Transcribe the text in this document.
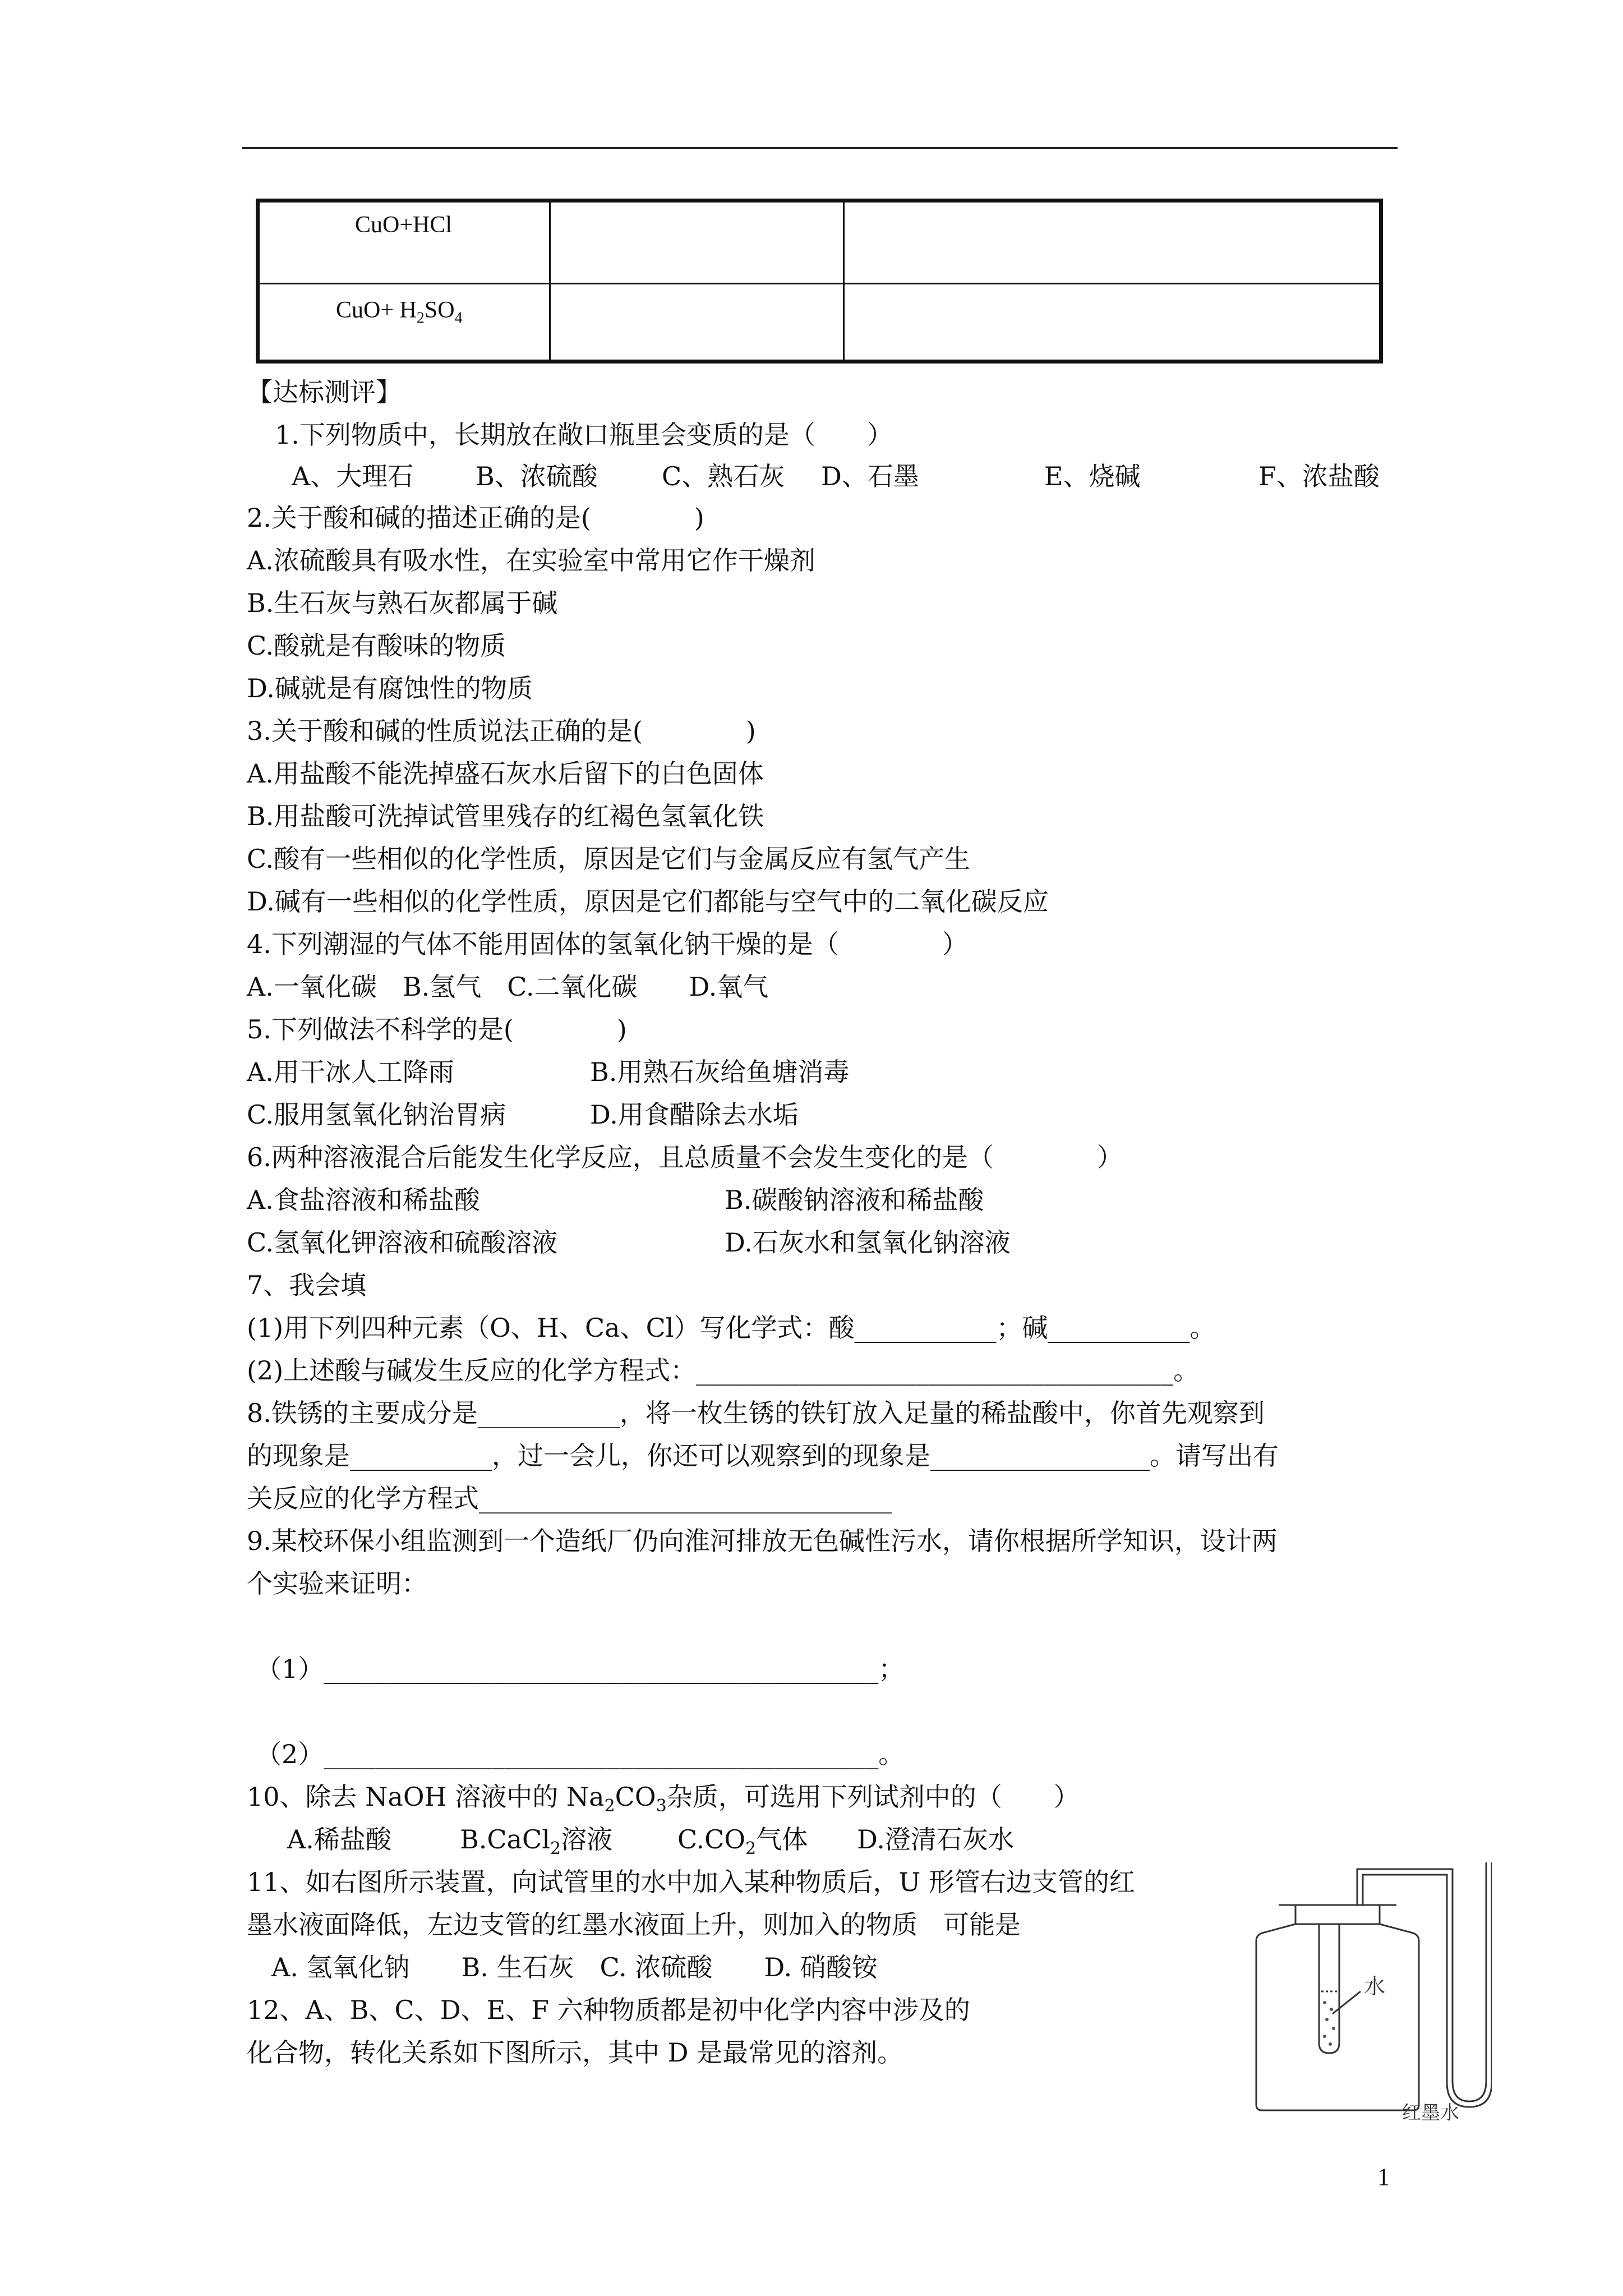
CuO+HCl
$CuO+ H_2SO_4$
【达标测评】
1.下列物质中，长期放在敞口瓶里会变质的是（　　）
A、大理石 B、浓硫酸 C、熟石灰 D、石墨	E、烧碱	F、浓盐酸
2.关于酸和碱的描述正确的是(　　　　)
A.浓硫酸具有吸水性，在实验室中常用它作干燥剂
B.生石灰与熟石灰都属于碱
C.酸就是有酸味的物质
D.碱就是有腐蚀性的物质
3.关于酸和碱的性质说法正确的是(　　　　)
A.用盐酸不能洗掉盛石灰水后留下的白色固体
B.用盐酸可洗掉试管里残存的红褐色氢氧化铁
C.酸有一些相似的化学性质，原因是它们与金属反应有氢气产生
D.碱有一些相似的化学性质，原因是它们都能与空气中的二氧化碳反应
4.下列潮湿的气体不能用固体的氢氧化钠干燥的是（　　　　）
A.一氧化碳　B.氢气　C.二氧化碳　　D.氧气
5.下列做法不科学的是(　　　　)
A.用干冰人工降雨	B.用熟石灰给鱼塘消毒
C.服用氢氧化钠治胃病	D.用食醋除去水垢
6.两种溶液混合后能发生化学反应，且总质量不会发生变化的是（　　　　）
A.食盐溶液和稀盐酸	B.碳酸钠溶液和稀盐酸
C.氢氧化钾溶液和硫酸溶液	D.石灰水和氢氧化钠溶液
7、我会填
(1)用下列四种元素（O、H、Ca、Cl）写化学式：酸___________；碱___________。
(2)上述酸与碱发生反应的化学方程式：_____________________________________。
8.铁锈的主要成分是___________，将一枚生锈的铁钉放入足量的稀盐酸中，你首先观察到
的现象是___________，过一会儿，你还可以观察到的现象是_________________。请写出有
关反应的化学方程式________________________________
9.某校环保小组监测到一个造纸厂仍向淮河排放无色碱性污水，请你根据所学知识，设计两
个实验来证明：
（1）___________________________________________；
（2）___________________________________________。
10、除去 NaOH 溶液中的 $Na_2CO_3$杂质，可选用下列试剂中的（　　）
A.稀盐酸	B.CaCl$_2$溶液	$C.CO_2$气体 D.澄清石灰水
11、如右图所示装置，向试管里的水中加入某种物质后，U 形管右边支管的红
墨水液面降低，左边支管的红墨水液面上升，则加入的物质　可能是
A. 氢氧化钠　　B. 生石灰　C. 浓硫酸　　D. 硝酸铵
12、A、B、C、D、E、F 六种物质都是初中化学内容中涉及的
化合物，转化关系如下图所示，其中 D 是最常见的溶剂。
水
红墨水
1
